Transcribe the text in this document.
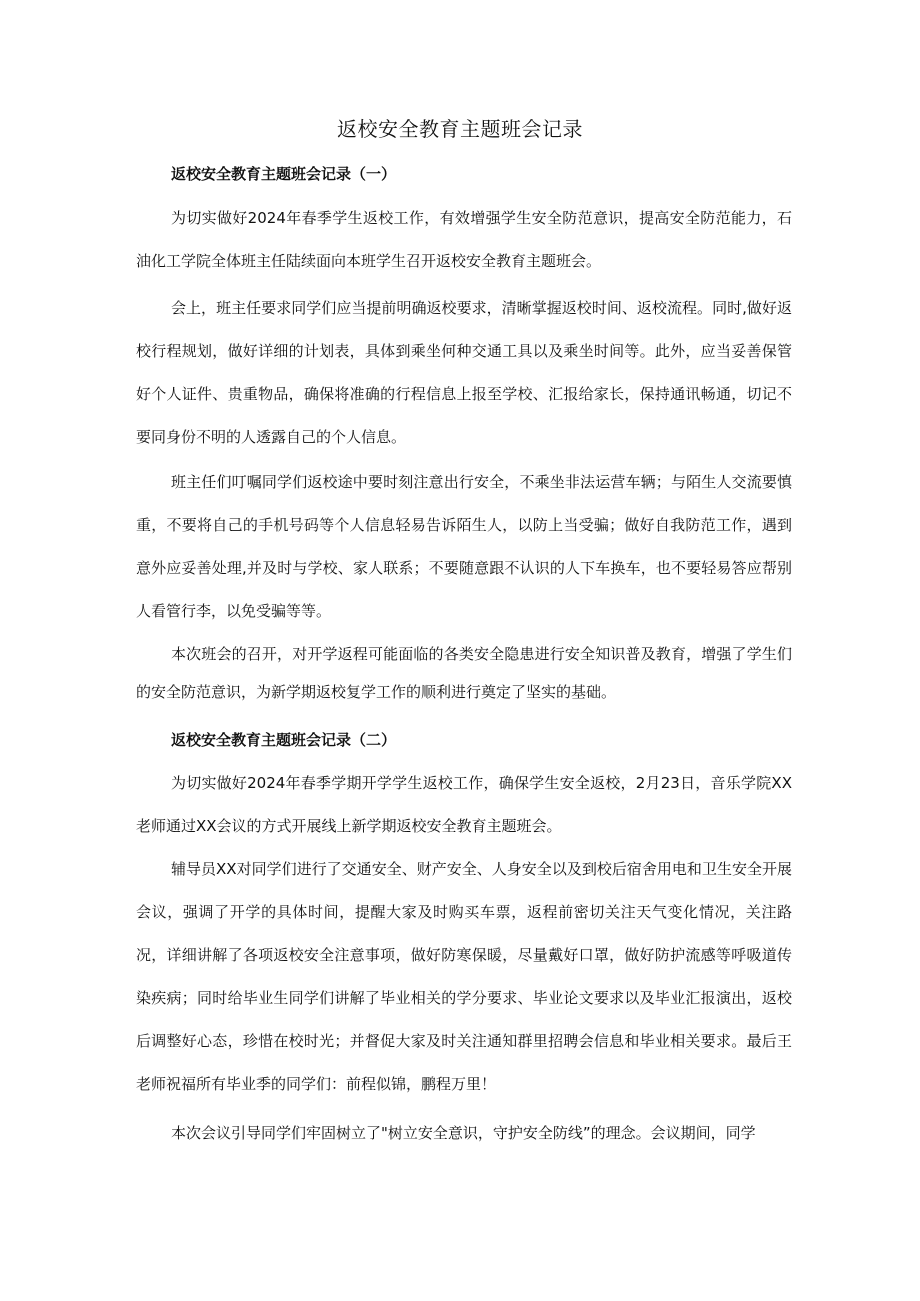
返校安全教育主题班会记录
返校安全教育主题班会记录（一）

为切实做好2024年春季学生返校工作，有效增强学生安全防范意识，提高安全防范能力，石油化工学院全体班主任陆续面向本班学生召开返校安全教育主题班会。

会上，班主任要求同学们应当提前明确返校要求，清晰掌握返校时间、返校流程。同时,做好返校行程规划，做好详细的计划表，具体到乘坐何种交通工具以及乘坐时间等。此外，应当妥善保管好个人证件、贵重物品，确保将准确的行程信息上报至学校、汇报给家长，保持通讯畅通，切记不要同身份不明的人透露自己的个人信息。

班主任们叮嘱同学们返校途中要时刻注意出行安全，不乘坐非法运营车辆；与陌生人交流要慎重，不要将自己的手机号码等个人信息轻易告诉陌生人，以防上当受骗；做好自我防范工作，遇到意外应妥善处理,并及时与学校、家人联系；不要随意跟不认识的人下车换车，也不要轻易答应帮别人看管行李，以免受骗等等。

本次班会的召开，对开学返程可能面临的各类安全隐患进行安全知识普及教育，增强了学生们的安全防范意识，为新学期返校复学工作的顺利进行奠定了坚实的基础。

返校安全教育主题班会记录（二）

为切实做好2024年春季学期开学学生返校工作，确保学生安全返校，2月23日，音乐学院XX老师通过XX会议的方式开展线上新学期返校安全教育主题班会。

辅导员XX对同学们进行了交通安全、财产安全、人身安全以及到校后宿舍用电和卫生安全开展会议，强调了开学的具体时间，提醒大家及时购买车票，返程前密切关注天气变化情况，关注路况，详细讲解了各项返校安全注意事项，做好防寒保暖，尽量戴好口罩，做好防护流感等呼吸道传染疾病；同时给毕业生同学们讲解了毕业相关的学分要求、毕业论文要求以及毕业汇报演出，返校后调整好心态，珍惜在校时光；并督促大家及时关注通知群里招聘会信息和毕业相关要求。最后王老师祝福所有毕业季的同学们：前程似锦，鹏程万里！

本次会议引导同学们牢固树立了"树立安全意识，守护安全防线”的理念。会议期间，同学
